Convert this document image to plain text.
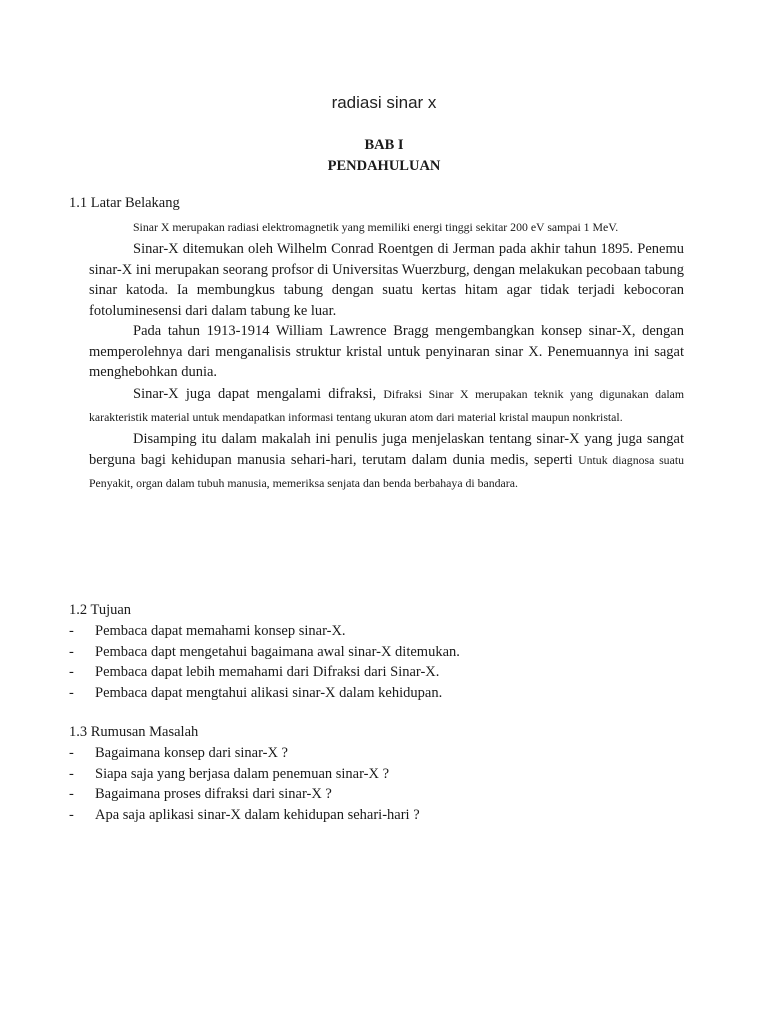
radiasi sinar x
BAB I
PENDAHULUAN
1.1 Latar Belakang

Sinar X merupakan radiasi elektromagnetik yang memiliki energi tinggi sekitar 200 eV sampai 1 MeV.

Sinar-X ditemukan oleh Wilhelm Conrad Roentgen di Jerman pada akhir tahun 1895. Penemu sinar-X ini merupakan seorang profsor di Universitas Wuerzburg, dengan melakukan pecobaan tabung sinar katoda. Ia membungkus tabung dengan suatu kertas hitam agar tidak terjadi kebocoran fotoluminesensi dari dalam tabung ke luar.

Pada tahun 1913-1914 William Lawrence Bragg mengembangkan konsep sinar-X, dengan memperolehnya dari menganalisis struktur kristal untuk penyinaran sinar X. Penemuannya ini sagat menghebohkan dunia.

Sinar-X juga dapat mengalami difraksi, Difraksi Sinar X merupakan teknik yang digunakan dalam karakteristik material untuk mendapatkan informasi tentang ukuran atom dari material kristal maupun nonkristal.

Disamping itu dalam makalah ini penulis juga menjelaskan tentang sinar-X yang juga sangat berguna bagi kehidupan manusia sehari-hari, terutam dalam dunia medis, seperti Untuk diagnosa suatu Penyakit, organ dalam tubuh manusia, memeriksa senjata dan benda berbahaya di bandara.

1.2 Tujuan
- Pembaca dapat memahami konsep sinar-X.
- Pembaca dapt mengetahui bagaimana awal sinar-X ditemukan.
- Pembaca dapat lebih memahami dari Difraksi dari Sinar-X.
- Pembaca dapat mengtahui alikasi sinar-X dalam kehidupan.
1.3 Rumusan Masalah
- Bagaimana konsep dari sinar-X ?
- Siapa saja yang berjasa dalam penemuan sinar-X ?
- Bagaimana proses difraksi dari sinar-X ?
- Apa saja aplikasi sinar-X dalam kehidupan sehari-hari ?
